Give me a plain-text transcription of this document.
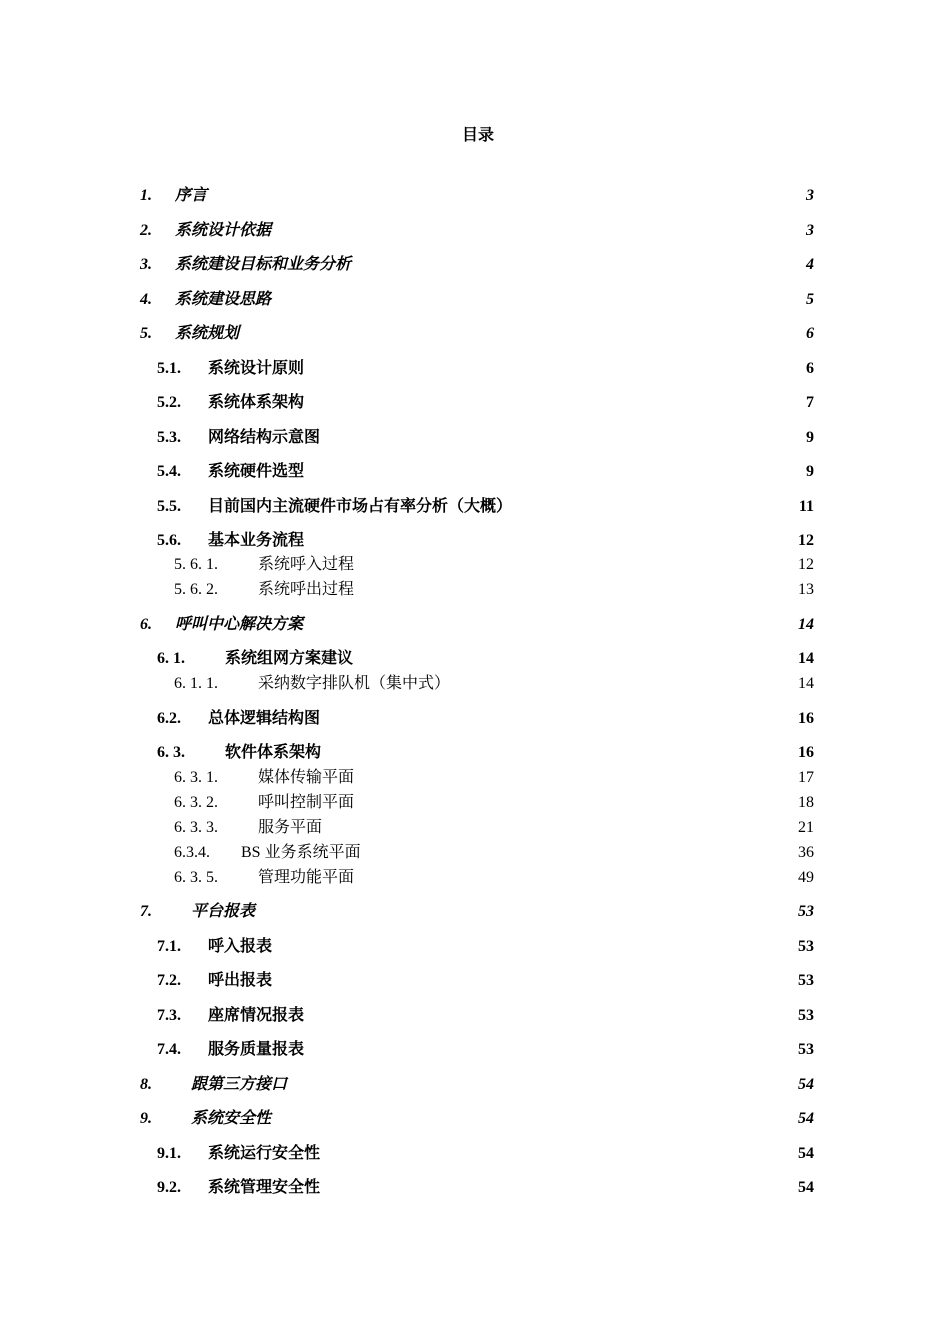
目录
1. 序言	3
2. 系统设计依据	3
3. 系统建设目标和业务分析	4
4. 系统建设思路	5
5. 系统规划	6
5.1. 系统设计原则	6
5.2. 系统体系架构	7
5.3. 网络结构示意图	9
5.4. 系统硬件选型	9
5.5. 目前国内主流硬件市场占有率分析（大概）	11
5.6. 基本业务流程	12
5. 6. 1.	系统呼入过程	12
5. 6. 2.	系统呼出过程	13
6. 呼叫中心解决方案	14
6. 1.	系统组网方案建议	14
6. 1. 1.	采纳数字排队机（集中式）	14
6.2. 总体逻辑结构图	16
6. 3.	软件体系架构	16
6. 3. 1.	媒体传输平面	17
6. 3. 2.	呼叫控制平面	18
6. 3. 3.	服务平面	21
6.3.4. BS 业务系统平面	36
6. 3. 5.	管理功能平面	49
7. 平台报表	53
7.1. 呼入报表	53
7.2. 呼出报表	53
7.3. 座席情况报表	53
7.4. 服务质量报表	53
8. 跟第三方接口	54
9. 系统安全性	54
9.1. 系统运行安全性	54
9.2. 系统管理安全性	54
